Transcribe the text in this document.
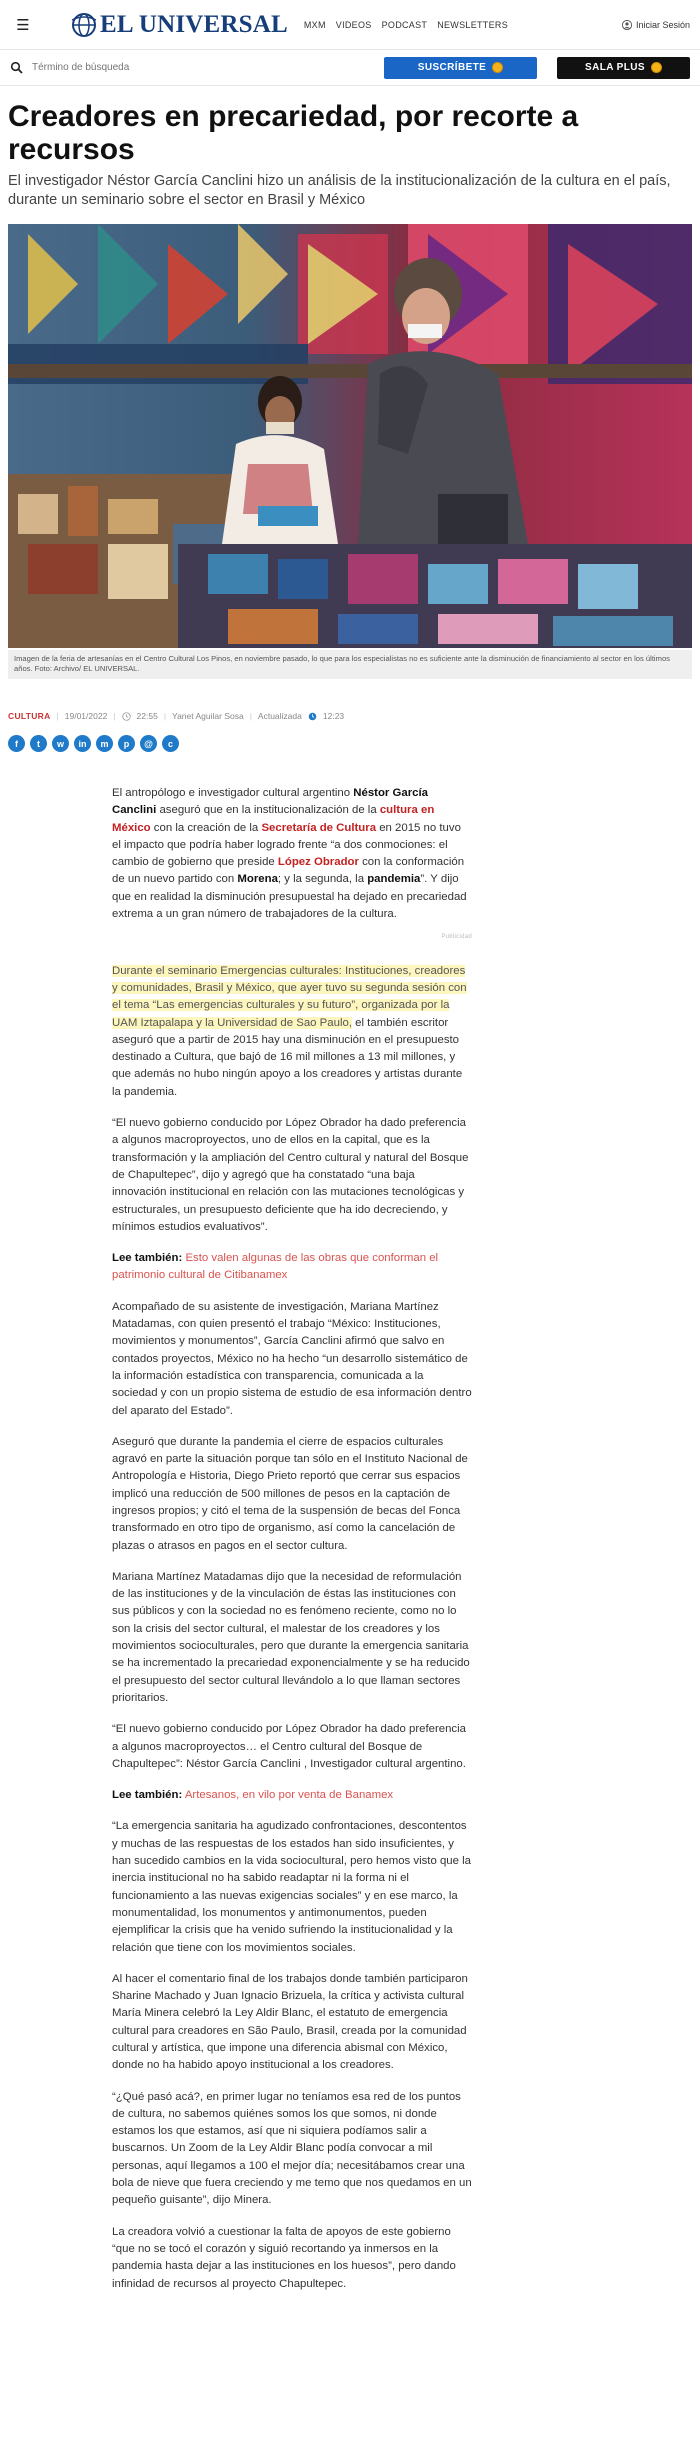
☰	EL UNIVERSAL MXM VIDEOS PODCAST NEWSLETTERS	Iniciar Sesión
Término de búsqueda
SUSCRÍBETE	SALA PLUS
Creadores en precariedad, por recorte a recursos

El investigador Néstor García Canclini hizo un análisis de la institucionalización de la cultura en el país, durante un seminario sobre el sector en Brasil y México

Imagen de la feria de artesanías en el Centro Cultural Los Pinos, en noviembre pasado, lo que para los especialistas no es suficiente ante la disminución de financiamiento al sector en los últimos años. Foto: Archivo/ EL UNIVERSAL.

CULTURA | 19/01/2022 | 22:55 | Yanet Aguilar Sosa | Actualizada 12:23
f	t	w	in	m	p	@	c

El antropólogo e investigador cultural argentino Néstor García Canclini aseguró que en la institucionalización de la cultura en México con la creación de la Secretaría de Cultura en 2015 no tuvo el impacto que podría haber logrado frente “a dos conmociones: el cambio de gobierno que preside López Obrador con la conformación de un nuevo partido con Morena; y la segunda, la pandemia”. Y dijo que en realidad la disminución presupuestal ha dejado en precariedad extrema a un gran número de trabajadores de la cultura.

Publicidad

Durante el seminario Emergencias culturales: Instituciones, creadores y comunidades, Brasil y México, que ayer tuvo su segunda sesión con el tema “Las emergencias culturales y su futuro”, organizada por la UAM Iztapalapa y la Universidad de Sao Paulo, el también escritor aseguró que a partir de 2015 hay una disminución en el presupuesto destinado a Cultura, que bajó de 16 mil millones a 13 mil millones, y que además no hubo ningún apoyo a los creadores y artistas durante la pandemia.

“El nuevo gobierno conducido por López Obrador ha dado preferencia a algunos macroproyectos, uno de ellos en la capital, que es la transformación y la ampliación del Centro cultural y natural del Bosque de Chapultepec”, dijo y agregó que ha constatado “una baja innovación institucional en relación con las mutaciones tecnológicas y estructurales, un presupuesto deficiente que ha ido decreciendo, y mínimos estudios evaluativos”.

Lee también: Esto valen algunas de las obras que conforman el patrimonio cultural de Citibanamex

Acompañado de su asistente de investigación, Mariana Martínez Matadamas, con quien presentó el trabajo “México: Instituciones, movimientos y monumentos”, García Canclini afirmó que salvo en contados proyectos, México no ha hecho “un desarrollo sistemático de la información estadística con transparencia, comunicada a la sociedad y con un propio sistema de estudio de esa información dentro del aparato del Estado”.

Aseguró que durante la pandemia el cierre de espacios culturales agravó en parte la situación porque tan sólo en el Instituto Nacional de Antropología e Historia, Diego Prieto reportó que cerrar sus espacios implicó una reducción de 500 millones de pesos en la captación de ingresos propios; y citó el tema de la suspensión de becas del Fonca transformado en otro tipo de organismo, así como la cancelación de plazas o atrasos en pagos en el sector cultura.

Mariana Martínez Matadamas dijo que la necesidad de reformulación de las instituciones y de la vinculación de éstas las instituciones con sus públicos y con la sociedad no es fenómeno reciente, como no lo son la crisis del sector cultural, el malestar de los creadores y los movimientos socioculturales, pero que durante la emergencia sanitaria se ha incrementado la precariedad exponencialmente y se ha reducido el presupuesto del sector cultural llevándolo a lo que llaman sectores prioritarios.

“El nuevo gobierno conducido por López Obrador ha dado preferencia a algunos macroproyectos… el Centro cultural del Bosque de Chapultepec”: Néstor García Canclini , Investigador cultural argentino.

Lee también: Artesanos, en vilo por venta de Banamex

“La emergencia sanitaria ha agudizado confrontaciones, descontentos y muchas de las respuestas de los estados han sido insuficientes, y han sucedido cambios en la vida sociocultural, pero hemos visto que la inercia institucional no ha sabido readaptar ni la forma ni el funcionamiento a las nuevas exigencias sociales” y en ese marco, la monumentalidad, los monumentos y antimonumentos, pueden ejemplificar la crisis que ha venido sufriendo la institucionalidad y la relación que tiene con los movimientos sociales.

Al hacer el comentario final de los trabajos donde también participaron Sharine Machado y Juan Ignacio Brizuela, la crítica y activista cultural María Minera celebró la Ley Aldir Blanc, el estatuto de emergencia cultural para creadores en São Paulo, Brasil, creada por la comunidad cultural y artística, que impone una diferencia abismal con México, donde no ha habido apoyo institucional a los creadores.

“¿Qué pasó acá?, en primer lugar no teníamos esa red de los puntos de cultura, no sabemos quiénes somos los que somos, ni donde estamos los que estamos, así que ni siquiera podíamos salir a buscarnos. Un Zoom de la Ley Aldir Blanc podía convocar a mil personas, aquí llegamos a 100 el mejor día; necesitábamos crear una bola de nieve que fuera creciendo y me temo que nos quedamos en un pequeño guisante”, dijo Minera.

La creadora volvió a cuestionar la falta de apoyos de este gobierno “que no se tocó el corazón y siguió recortando ya inmersos en la pandemia hasta dejar a las instituciones en los huesos”, pero dando infinidad de recursos al proyecto Chapultepec.
